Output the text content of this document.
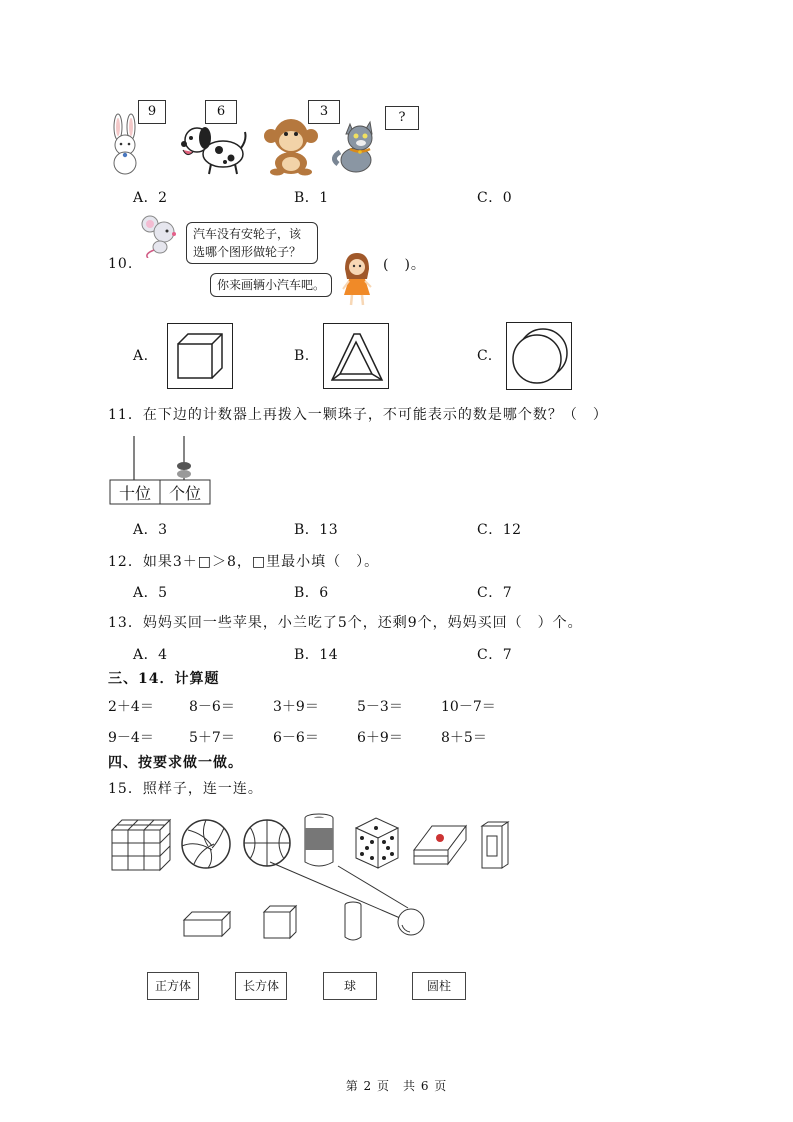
9	6	3	?
A．2	B．1	C．0
汽车没有安轮子，该选哪个图形做轮子？
10.
你来画辆小汽车吧。
(　)。
A.	B.	C.
11．在下边的计数器上再拨入一颗珠子，不可能表示的数是哪个数？（　）
十位	个位
A．3	B．13	C．12
12．如果3＋□＞8，□里最小填（　）。
A．5	B．6	C．7
13．妈妈买回一些苹果，小兰吃了5个，还剩9个，妈妈买回（　）个。
A．4	B．14	C．7
三、14．计算题
2＋4＝	8－6＝	3＋9＝	5－3＝	10－7＝
9－4＝	5＋7＝	6－6＝	6＋9＝	8＋5＝
四、按要求做一做。
15．照样子，连一连。
正方体	长方体	球	圆柱
第 2 页　共 6 页
